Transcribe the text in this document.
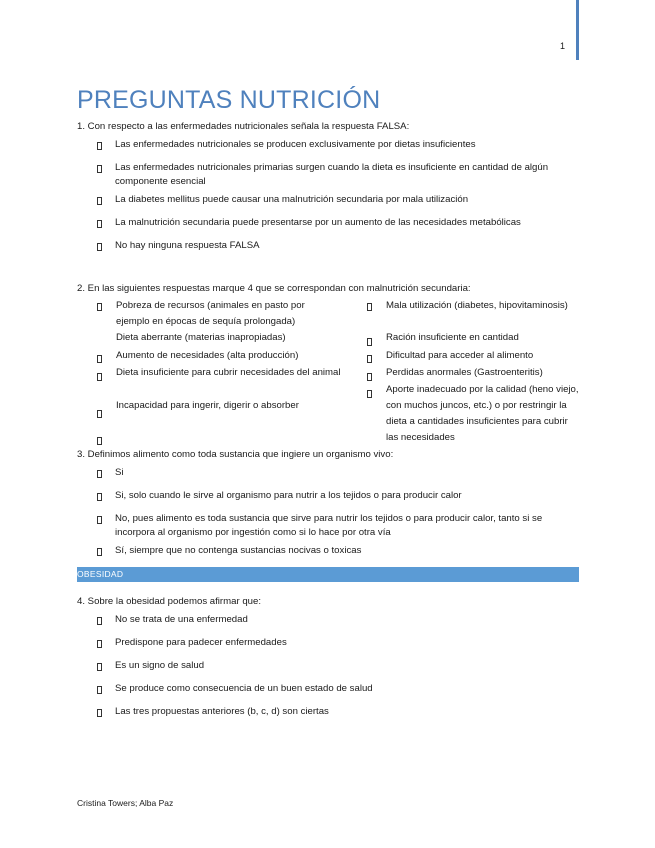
1
PREGUNTAS NUTRICIÓN
1. Con respecto a las enfermedades nutricionales señala la respuesta FALSA:
Las enfermedades nutricionales se producen exclusivamente por dietas insuficientes
Las enfermedades nutricionales primarias surgen cuando la dieta es insuficiente en cantidad de algún componente esencial
La diabetes mellitus puede causar una malnutrición secundaria por mala utilización
La malnutrición secundaria puede presentarse por un aumento de las necesidades metabólicas
No hay ninguna respuesta FALSA
2. En las siguientes respuestas marque 4 que se correspondan con malnutrición secundaria:
Pobreza de recursos (animales en pasto por ejemplo en épocas de sequía prolongada)
Dieta aberrante (materias inapropiadas)
Aumento de necesidades (alta producción)
Dieta insuficiente para cubrir necesidades del animal
Incapacidad para ingerir, digerir o absorber
Mala utilización (diabetes, hipovitaminosis)
Ración insuficiente en cantidad
Dificultad para acceder al alimento
Perdidas anormales (Gastroenteritis)
Aporte inadecuado por la calidad (heno viejo, con muchos juncos, etc.) o por restringir la dieta a cantidades insuficientes para cubrir las necesidades
3. Definimos alimento como toda sustancia que ingiere un organismo vivo:
Si
Si, solo cuando le sirve al organismo para nutrir a los tejidos o para producir calor
No, pues alimento es toda sustancia que sirve para nutrir los tejidos o para producir calor, tanto si se incorpora al organismo por ingestión como si lo hace por otra vía
Sí, siempre que no contenga sustancias nocivas o toxicas
OBESIDAD
4. Sobre la obesidad podemos afirmar que:
No se trata de una enfermedad
Predispone para padecer enfermedades
Es un signo de salud
Se produce como consecuencia de un buen estado de salud
Las tres propuestas anteriores (b, c, d) son ciertas
Cristina Towers; Alba Paz
